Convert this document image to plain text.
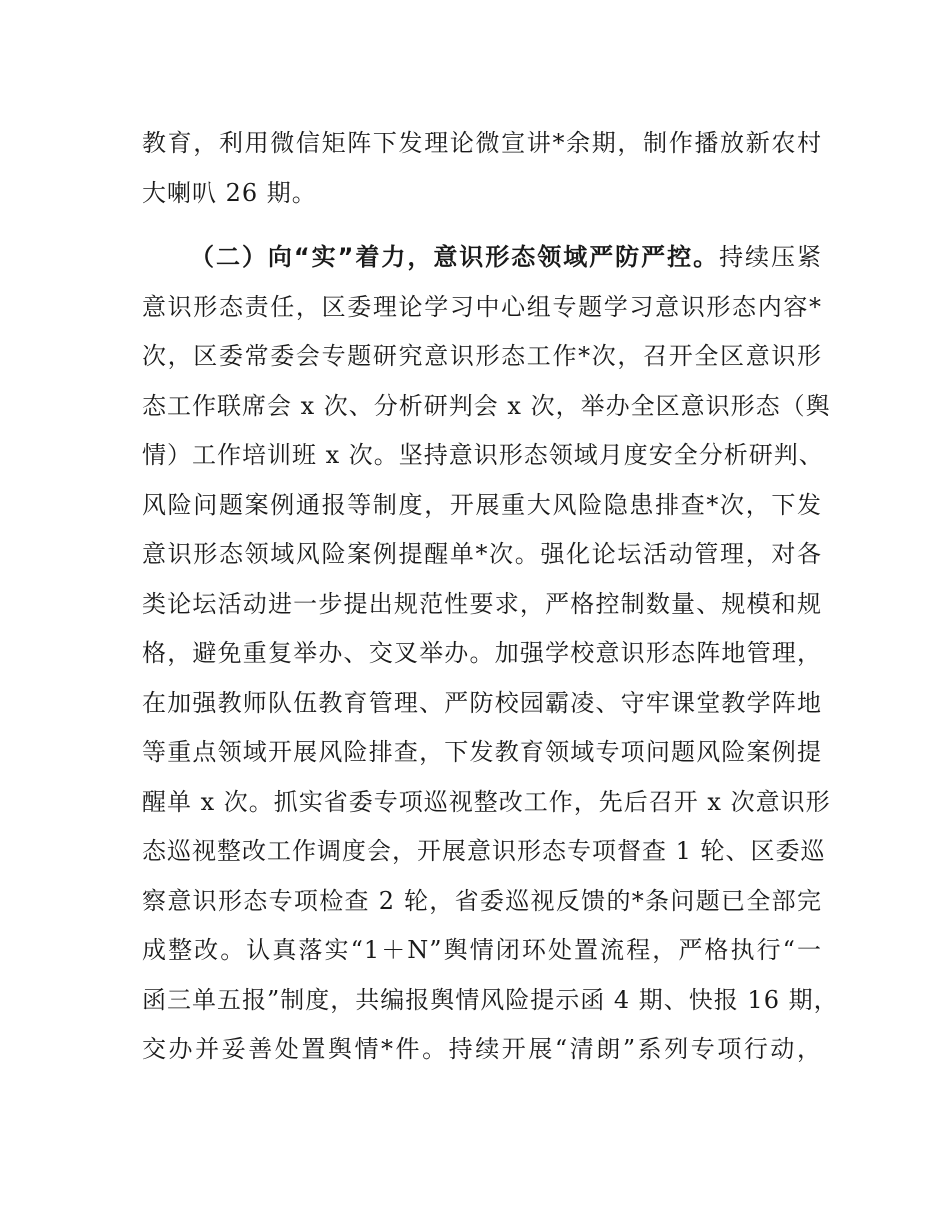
教育，利用微信矩阵下发理论微宣讲*余期，制作播放新农村
大喇叭 26 期。
（二）向“实”着力，意识形态领域严防严控。持续压紧
意识形态责任，区委理论学习中心组专题学习意识形态内容*
次，区委常委会专题研究意识形态工作*次，召开全区意识形
态工作联席会 x 次、分析研判会 x 次，举办全区意识形态（舆
情）工作培训班 x 次。坚持意识形态领域月度安全分析研判、
风险问题案例通报等制度，开展重大风险隐患排查*次，下发
意识形态领域风险案例提醒单*次。强化论坛活动管理，对各
类论坛活动进一步提出规范性要求，严格控制数量、规模和规
格，避免重复举办、交叉举办。加强学校意识形态阵地管理，
在加强教师队伍教育管理、严防校园霸凌、守牢课堂教学阵地
等重点领域开展风险排查，下发教育领域专项问题风险案例提
醒单 x 次。抓实省委专项巡视整改工作，先后召开 x 次意识形
态巡视整改工作调度会，开展意识形态专项督查 1 轮、区委巡
察意识形态专项检查 2 轮，省委巡视反馈的*条问题已全部完
成整改。认真落实“1＋N”舆情闭环处置流程，严格执行“一
函三单五报”制度，共编报舆情风险提示函 4 期、快报 16 期，
交办并妥善处置舆情*件。持续开展“清朗”系列专项行动，
